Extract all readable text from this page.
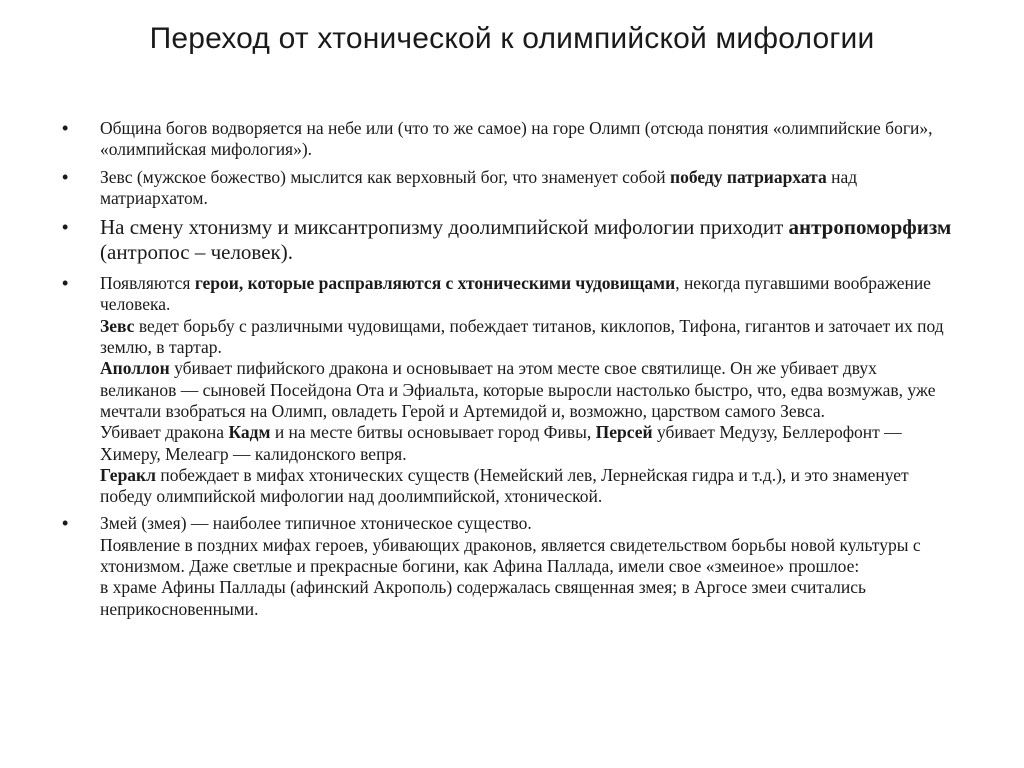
Переход от хтонической к олимпийской мифологии
• Община богов водворяется на небе или (что то же самое) на горе Олимп (отсюда понятия «олимпийские боги», «олимпийская мифология»).
• Зевс (мужское божество) мыслится как верховный бог, что знаменует собой победу патриархата над матриархатом.
• На смену хтонизму и миксантропизму доолимпийской мифологии приходит антропоморфизм (антропос – человек).
• Появляются герои, которые расправляются с хтоническими чудовищами, некогда пугавшими воображение человека.
Зевс ведет борьбу с различными чудовищами, побеждает титанов, киклопов, Тифона, гигантов и заточает их под землю, в тартар.
Аполлон убивает пифийского дракона и основывает на этом месте свое святилище. Он же убивает двух великанов — сыновей Посейдона Ота и Эфиальта, которые выросли настолько быстро, что, едва возмужав, уже мечтали взобраться на Олимп, овладеть Герой и Артемидой и, возможно, царством самого Зевса.
Убивает дракона Кадм и на месте битвы основывает город Фивы, Персей убивает Медузу, Беллерофонт — Химеру, Мелеагр — калидонского вепря.
Геракл побеждает в мифах хтонических существ (Немейский лев, Лернейская гидра и т.д.), и это знаменует победу олимпийской мифологии над доолимпийской, хтонической.
• Змей (змея) — наиболее типичное хтоническое существо.
Появление в поздних мифах героев, убивающих драконов, является свидетельством борьбы новой культуры с хтонизмом. Даже светлые и прекрасные богини, как Афина Паллада, имели свое «змеиное» прошлое:
в храме Афины Паллады (афинский Акрополь) содержалась священная змея; в Аргосе змеи считались неприкосновенными.
